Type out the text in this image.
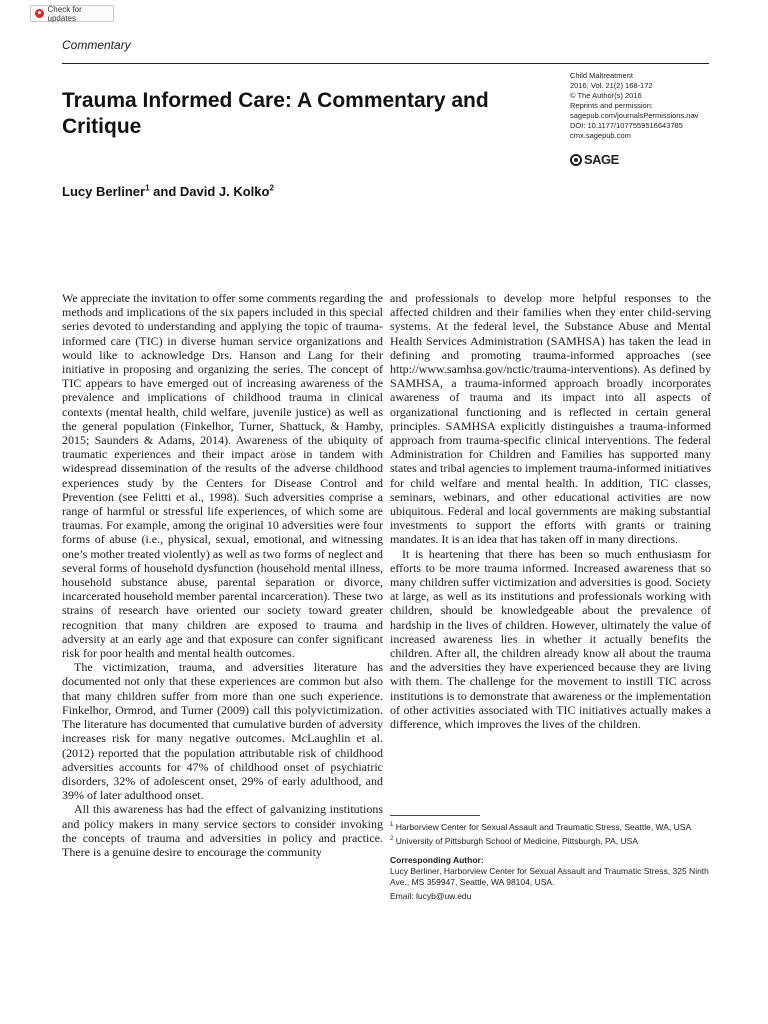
Check for updates
Commentary
Trauma Informed Care: A Commentary and Critique
Lucy Berliner$^1$ and David J. Kolko$^2$
Child Maltreatment
2016, Vol. 21(2) 168-172
© The Author(s) 2016
Reprints and permission:
sagepub.com/journalsPermissions.nav
DOI: 10.1177/1077559516643785
cmx.sagepub.com
SAGE

We appreciate the invitation to offer some comments regarding the methods and implications of the six papers included in this special series devoted to understanding and applying the topic of trauma-informed care (TIC) in diverse human service organizations and would like to acknowledge Drs. Hanson and Lang for their initiative in proposing and organizing the series. The concept of TIC appears to have emerged out of increasing awareness of the prevalence and implications of childhood trauma in clinical contexts (mental health, child welfare, juvenile justice) as well as the general population (Finkelhor, Turner, Shattuck, & Hamby, 2015; Saunders & Adams, 2014). Awareness of the ubiquity of traumatic experiences and their impact arose in tandem with widespread dissemination of the results of the adverse childhood experiences study by the Centers for Disease Control and Prevention (see Felitti et al., 1998). Such adversities comprise a range of harmful or stressful life experiences, of which some are traumas. For example, among the original 10 adversities were four forms of abuse (i.e., physical, sexual, emotional, and witnessing one’s mother treated violently) as well as two forms of neglect and several forms of household dysfunction (household mental illness, household substance abuse, parental separation or divorce, incarcerated household member parental incarceration). These two strains of research have oriented our society toward greater recognition that many children are exposed to trauma and adversity at an early age and that exposure can confer significant risk for poor health and mental health outcomes.

The victimization, trauma, and adversities literature has documented not only that these experiences are common but also that many children suffer from more than one such experience. Finkelhor, Ormrod, and Turner (2009) call this polyvictimization. The literature has documented that cumulative burden of adversity increases risk for many negative outcomes. McLaughlin et al. (2012) reported that the population attributable risk of childhood adversities accounts for 47% of childhood onset of psychiatric disorders, 32% of adolescent onset, 29% of early adulthood, and 39% of later adulthood onset.

All this awareness has had the effect of galvanizing institutions and policy makers in many service sectors to consider invoking the concepts of trauma and adversities in policy and practice. There is a genuine desire to encourage the community

and professionals to develop more helpful responses to the affected children and their families when they enter child-serving systems. At the federal level, the Substance Abuse and Mental Health Services Administration (SAMHSA) has taken the lead in defining and promoting trauma-informed approaches (see http://www.samhsa.gov/nctic/trauma-interventions). As defined by SAMHSA, a trauma-informed approach broadly incorporates awareness of trauma and its impact into all aspects of organizational functioning and is reflected in certain general principles. SAMHSA explicitly distinguishes a trauma-informed approach from trauma-specific clinical interventions. The federal Administration for Children and Families has supported many states and tribal agencies to implement trauma-informed initiatives for child welfare and mental health. In addition, TIC classes, seminars, webinars, and other educational activities are now ubiquitous. Federal and local governments are making substantial investments to support the efforts with grants or training mandates. It is an idea that has taken off in many directions.

It is heartening that there has been so much enthusiasm for efforts to be more trauma informed. Increased awareness that so many children suffer victimization and adversities is good. Society at large, as well as its institutions and professionals working with children, should be knowledgeable about the prevalence of hardship in the lives of children. However, ultimately the value of increased awareness lies in whether it actually benefits the children. After all, the children already know all about the trauma and the adversities they have experienced because they are living with them. The challenge for the movement to instill TIC across institutions is to demonstrate that awareness or the implementation of other activities associated with TIC initiatives actually makes a difference, which improves the lives of the children.

$^1$ Harborview Center for Sexual Assault and Traumatic Stress, Seattle, WA, USA

$^2$ University of Pittsburgh School of Medicine, Pittsburgh, PA, USA

Corresponding Author:

Lucy Berliner, Harborview Center for Sexual Assault and Traumatic Stress, 325 Ninth Ave., MS 359947, Seattle, WA 98104, USA.

Email: lucyb@uw.edu
